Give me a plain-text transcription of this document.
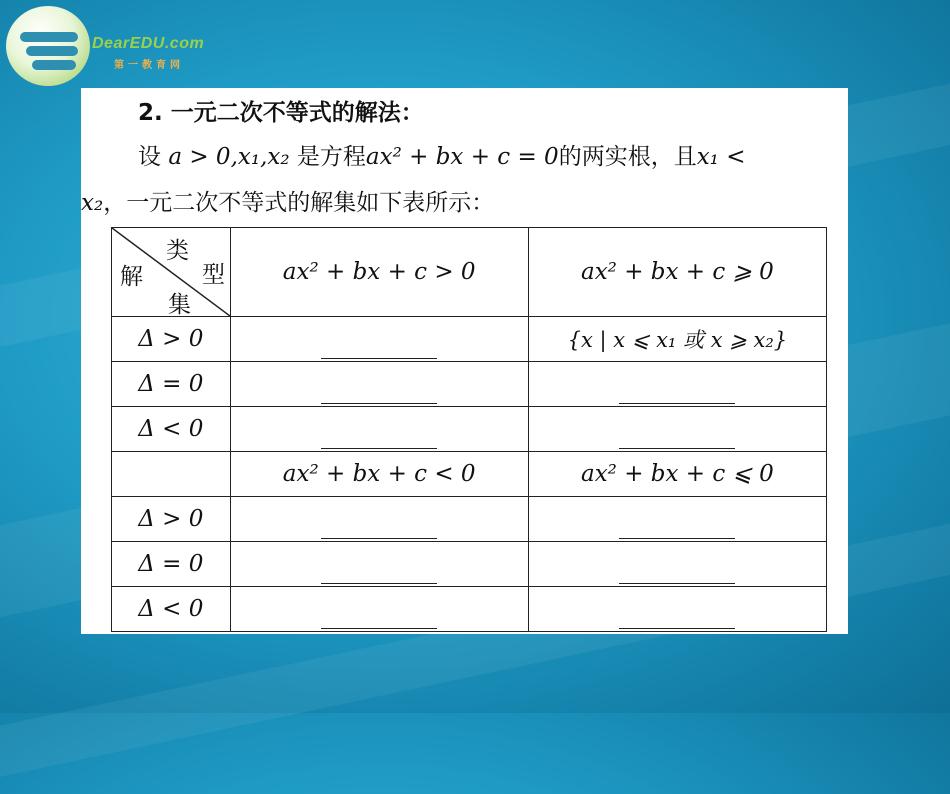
DearEDU.com
第一教育网
2. 一元二次不等式的解法：
设 a > 0,x₁,x₂ 是方程ax² + bx + c = 0的两实根，且x₁ <
x₂，一元二次不等式的解集如下表所示：
类
型
解
集	ax² + bx + c > 0	ax² + bx + c ⩾ 0
Δ > 0		{x | x ⩽ x₁ 或 x ⩾ x₂}
Δ = 0		
Δ < 0		
	ax² + bx + c < 0	ax² + bx + c ⩽ 0
Δ > 0		
Δ = 0		
Δ < 0		
